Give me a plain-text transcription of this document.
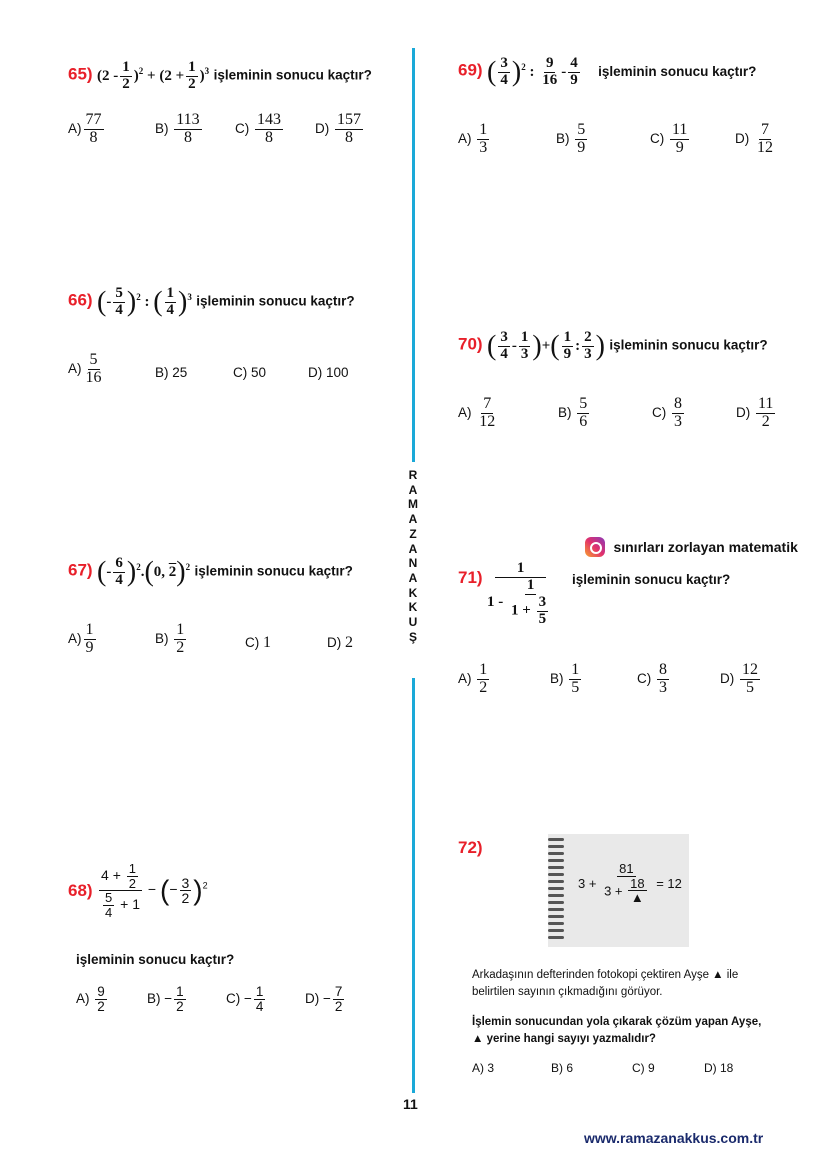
R
A
M
A
Z
A
N
A
K
K
U
Ş
65) $(2 - \frac{1}{2} )^2 + (2 + \frac{1}{2} )^3$ işleminin sonucu kaçtır?
$A) \frac{77}{8}$	$B) \frac{113}{8} C) \frac{143}{8} D) \frac{157}{8}$
66) (- $\frac{5}{4} )^2$ : ( $\frac{1}{4} )^3$ işleminin sonucu kaçtır?
$A) \frac{5}{16}$	B) 25	C) 50	D) 100
67) (- $\frac{6}{4} )^2.(0$, 2)$^2$ işleminin sonucu kaçtır?
$A) \frac{1}{9}$	$B) \frac{1}{2}$	C) 1	D) 2
$68) \frac{4 + \frac{1}{2}}{\frac{5}{4} + 1}$ − (− $\frac{3}{2} )^2$
işleminin sonucu kaçtır?
$A) \frac{9}{2}$	$B) - \frac{1}{2}$	$C) - \frac{1}{4}$	$D) - \frac{7}{2}$
69) ( $\frac{3}{4} )^2$ : $\frac{9}{16} - \frac{4}{9}$ işleminin sonucu kaçtır?
$A) \frac{1}{3}$	$B) \frac{5}{9}$	$C) \frac{11}{9}$	$D) \frac{7}{12}$
70) ( $\frac{3}{4} - \frac{1}{3}$ )+( $\frac{1}{9}$ : $\frac{2}{3}$ ) işleminin sonucu kaçtır?
$A) \frac{7}{12}$	$B) \frac{5}{6}$	$C) \frac{8}{3}$	$D) \frac{11}{2}$
sınırları zorlayan matematik
$71) \frac{1}{1 - \frac{1}{1 + \frac{3}{5}}}$ işleminin sonucu kaçtır?
$A) \frac{1}{2}$	$B) \frac{1}{5}$	$C) \frac{8}{3}$	$D) \frac{12}{5}$
72)
$3 + \frac{81}{3 + \frac{18}{▲}} = 12$
Arkadaşının defterinden fotokopi çektiren Ayşe ▲ ile belirtilen sayının çıkmadığını görüyor.
İşlemin sonucundan yola çıkarak çözüm yapan Ayşe, ▲ yerine hangi sayıyı yazmalıdır?
A) 3	B) 6	C) 9	D) 18
11
www.ramazanakkus.com.tr
